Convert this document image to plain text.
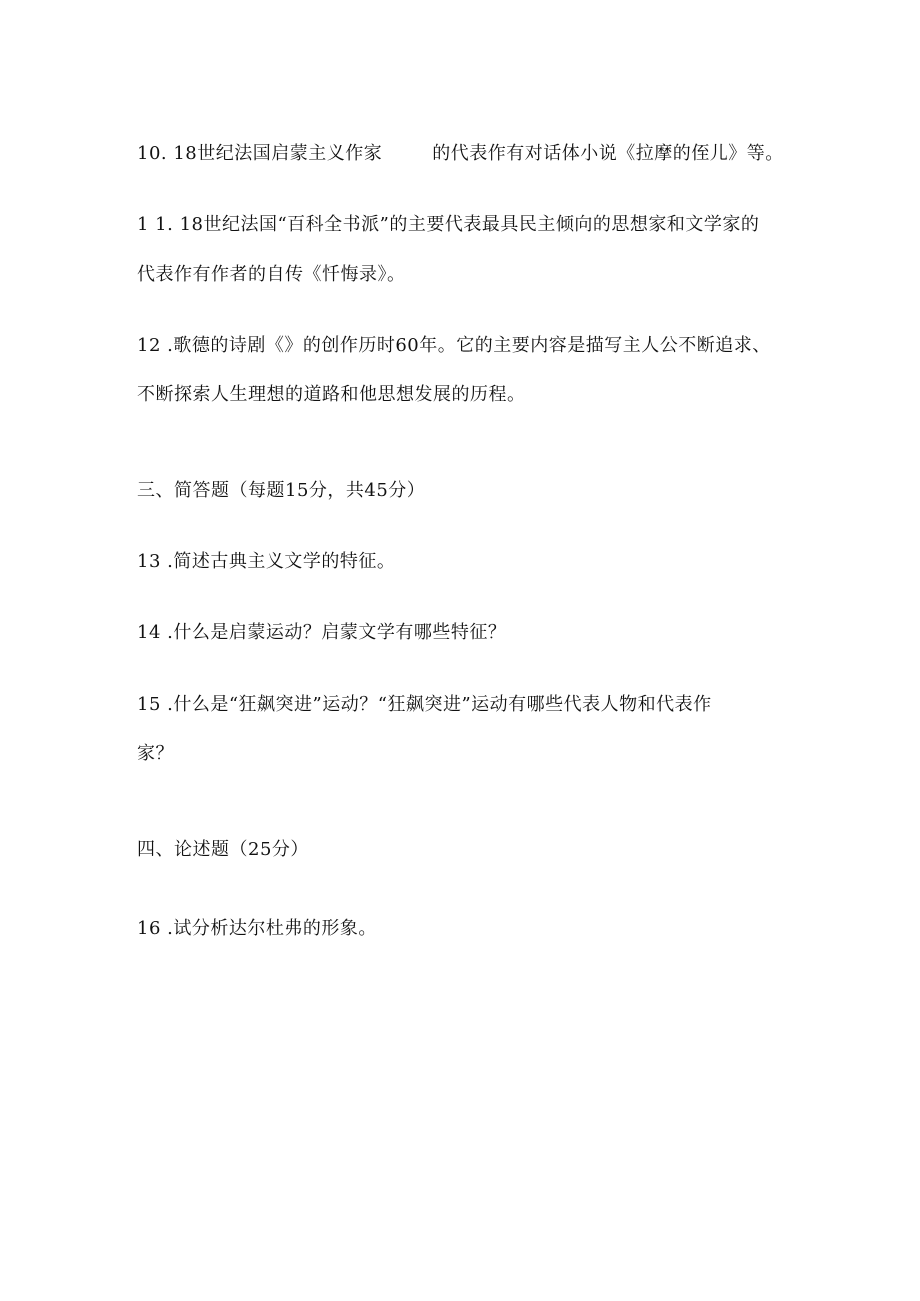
10. 18世纪法国启蒙主义作家	的代表作有对话体小说《拉摩的侄儿》等。
1 1. 18世纪法国“百科全书派”的主要代表最具民主倾向的思想家和文学家的
代表作有作者的自传《忏悔录》。
12 .歌德的诗剧《》的创作历时60年。它的主要内容是描写主人公不断追求、
不断探索人生理想的道路和他思想发展的历程。
三、简答题（每题15分，共45分）
13 .简述古典主义文学的特征。
14 .什么是启蒙运动？启蒙文学有哪些特征？
15 .什么是“狂飙突进”运动？“狂飙突进”运动有哪些代表人物和代表作
家？
四、论述题（25分）
16 .试分析达尔杜弗的形象。
